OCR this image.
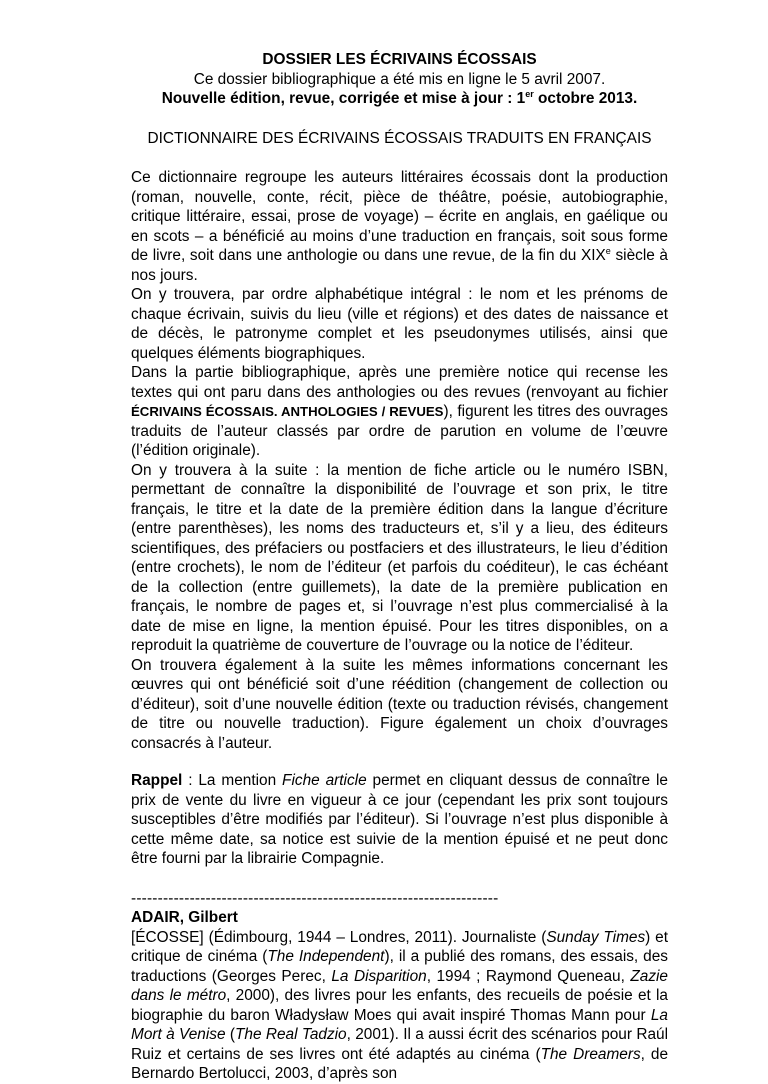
DOSSIER LES ÉCRIVAINS ÉCOSSAIS

Ce dossier bibliographique a été mis en ligne le 5 avril 2007.

Nouvelle édition, revue, corrigée et mise à jour : 1er octobre 2013.

DICTIONNAIRE DES ÉCRIVAINS ÉCOSSAIS TRADUITS EN FRANÇAIS

Ce dictionnaire regroupe les auteurs littéraires écossais dont la production (roman, nouvelle, conte, récit, pièce de théâtre, poésie, autobiographie, critique littéraire, essai, prose de voyage) – écrite en anglais, en gaélique ou en scots – a bénéficié au moins d’une traduction en français, soit sous forme de livre, soit dans une anthologie ou dans une revue, de la fin du XIXe siècle à nos jours.

On y trouvera, par ordre alphabétique intégral : le nom et les prénoms de chaque écrivain, suivis du lieu (ville et régions) et des dates de naissance et de décès, le patronyme complet et les pseudonymes utilisés, ainsi que quelques éléments biographiques.

Dans la partie bibliographique, après une première notice qui recense les textes qui ont paru dans des anthologies ou des revues (renvoyant au fichier ÉCRIVAINS ÉCOSSAIS. ANTHOLOGIES / REVUES), figurent les titres des ouvrages traduits de l’auteur classés par ordre de parution en volume de l’œuvre (l’édition originale).

On y trouvera à la suite : la mention de fiche article ou le numéro ISBN, permettant de connaître la disponibilité de l’ouvrage et son prix, le titre français, le titre et la date de la première édition dans la langue d’écriture (entre parenthèses), les noms des traducteurs et, s’il y a lieu, des éditeurs scientifiques, des préfaciers ou postfaciers et des illustrateurs, le lieu d’édition (entre crochets), le nom de l’éditeur (et parfois du coéditeur), le cas échéant de la collection (entre guillemets), la date de la première publication en français, le nombre de pages et, si l’ouvrage n’est plus commercialisé à la date de mise en ligne, la mention épuisé. Pour les titres disponibles, on a reproduit la quatrième de couverture de l’ouvrage ou la notice de l’éditeur.

On trouvera également à la suite les mêmes informations concernant les œuvres qui ont bénéficié soit d’une réédition (changement de collection ou d’éditeur), soit d’une nouvelle édition (texte ou traduction révisés, changement de titre ou nouvelle traduction). Figure également un choix d’ouvrages consacrés à l’auteur.

Rappel : La mention Fiche article permet en cliquant dessus de connaître le prix de vente du livre en vigueur à ce jour (cependant les prix sont toujours susceptibles d’être modifiés par l’éditeur). Si l’ouvrage n’est plus disponible à cette même date, sa notice est suivie de la mention épuisé et ne peut donc être fourni par la librairie Compagnie.

---------------------------------------------------------------------

ADAIR, Gilbert

[ÉCOSSE] (Édimbourg, 1944 – Londres, 2011). Journaliste (Sunday Times) et critique de cinéma (The Independent), il a publié des romans, des essais, des traductions (Georges Perec, La Disparition, 1994 ; Raymond Queneau, Zazie dans le métro, 2000), des livres pour les enfants, des recueils de poésie et la biographie du baron Władysław Moes qui avait inspiré Thomas Mann pour La Mort à Venise (The Real Tadzio, 2001). Il a aussi écrit des scénarios pour Raúl Ruiz et certains de ses livres ont été adaptés au cinéma (The Dreamers, de Bernardo Bertolucci, 2003, d’après son
